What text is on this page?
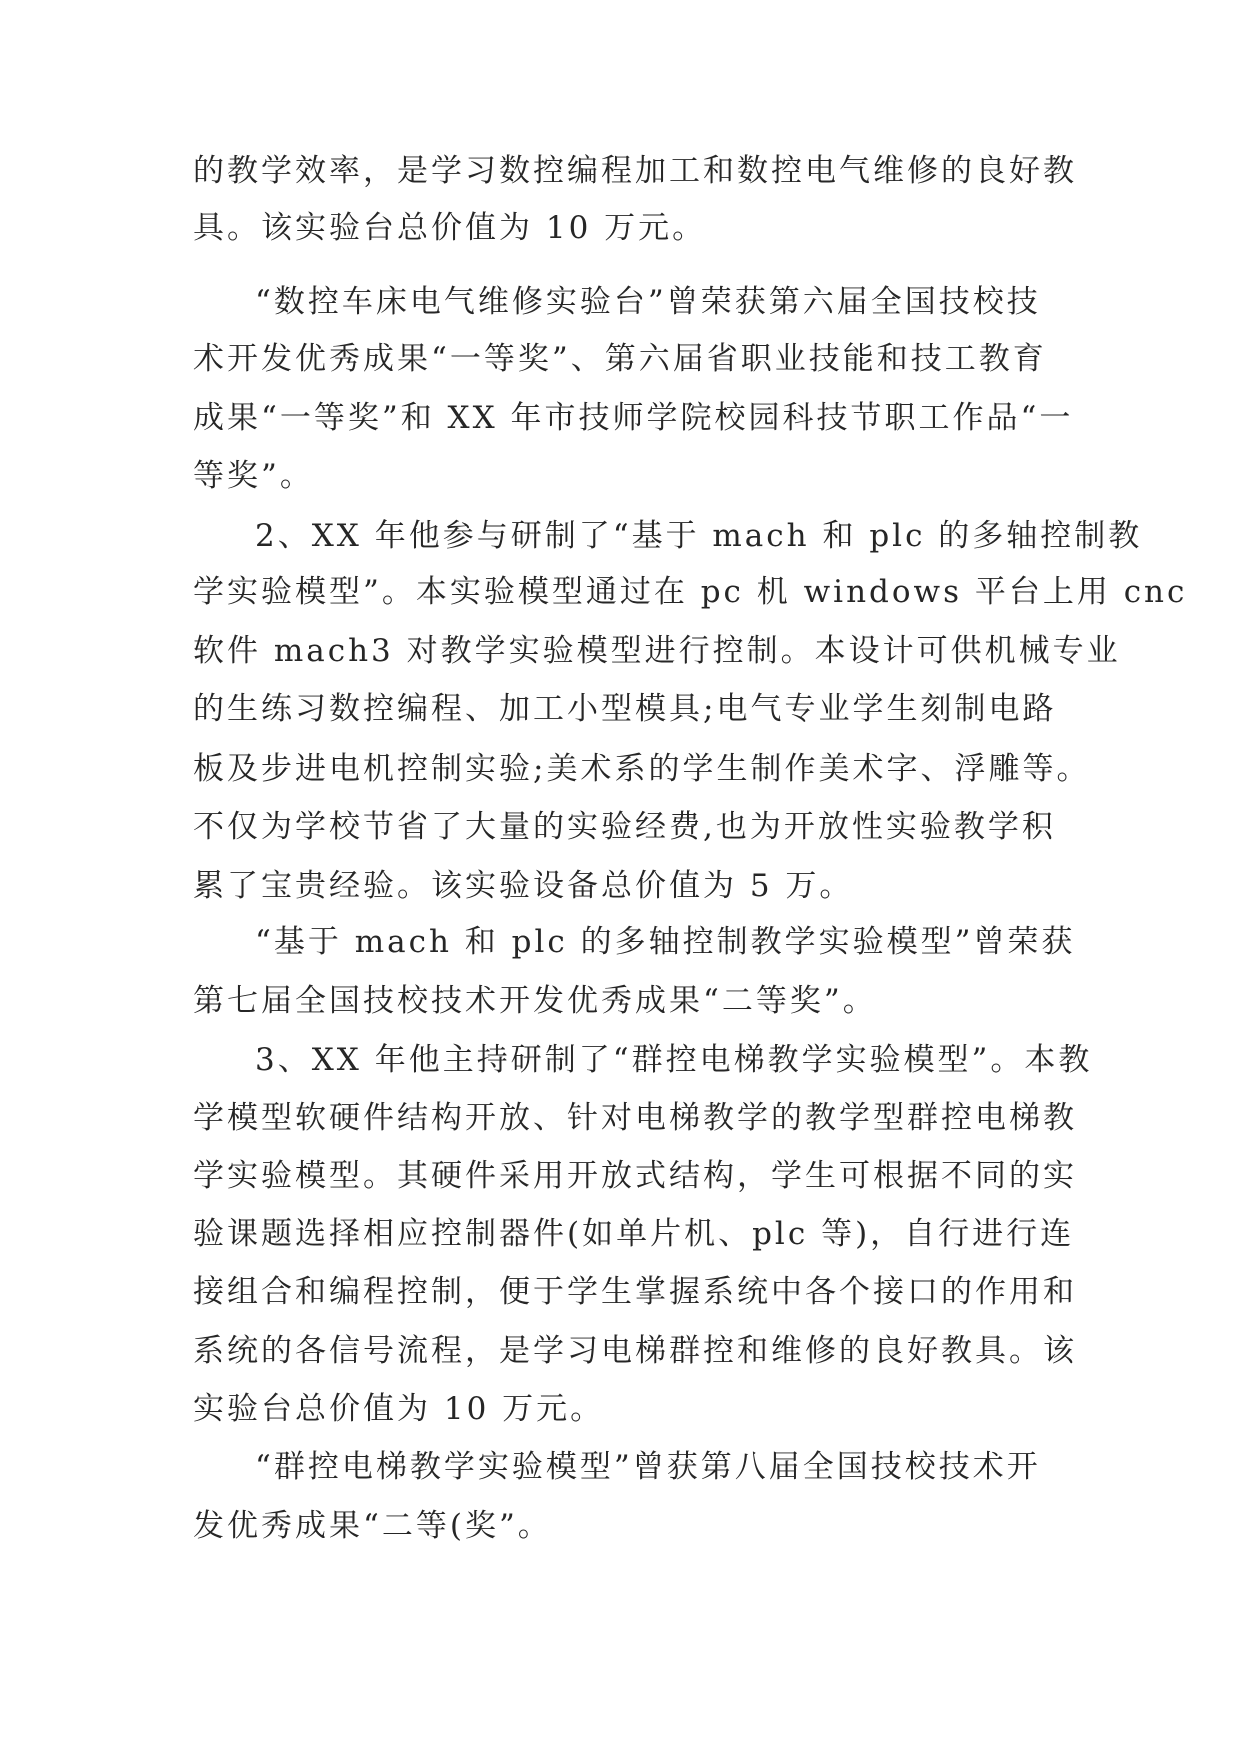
的教学效率，是学习数控编程加工和数控电气维修的良好教
具。该实验台总价值为 10 万元。
“数控车床电气维修实验台”曾荣获第六届全国技校技
术开发优秀成果“一等奖”、第六届省职业技能和技工教育
成果“一等奖”和 XX 年市技师学院校园科技节职工作品“一
等奖”。
2、XX 年他参与研制了“基于 mach 和 plc 的多轴控制教
学实验模型”。本实验模型通过在 pc 机 windows 平台上用 cnc
软件 mach3 对教学实验模型进行控制。本设计可供机械专业
的生练习数控编程、加工小型模具;电气专业学生刻制电路
板及步进电机控制实验;美术系的学生制作美术字、浮雕等。
不仅为学校节省了大量的实验经费,也为开放性实验教学积
累了宝贵经验。该实验设备总价值为 5 万。
“基于 mach 和 plc 的多轴控制教学实验模型”曾荣获
第七届全国技校技术开发优秀成果“二等奖”。
3、XX 年他主持研制了“群控电梯教学实验模型”。本教
学模型软硬件结构开放、针对电梯教学的教学型群控电梯教
学实验模型。其硬件采用开放式结构，学生可根据不同的实
验课题选择相应控制器件(如单片机、plc 等)，自行进行连
接组合和编程控制，便于学生掌握系统中各个接口的作用和
系统的各信号流程，是学习电梯群控和维修的良好教具。该
实验台总价值为 10 万元。
“群控电梯教学实验模型”曾获第八届全国技校技术开
发优秀成果“二等(奖”。
